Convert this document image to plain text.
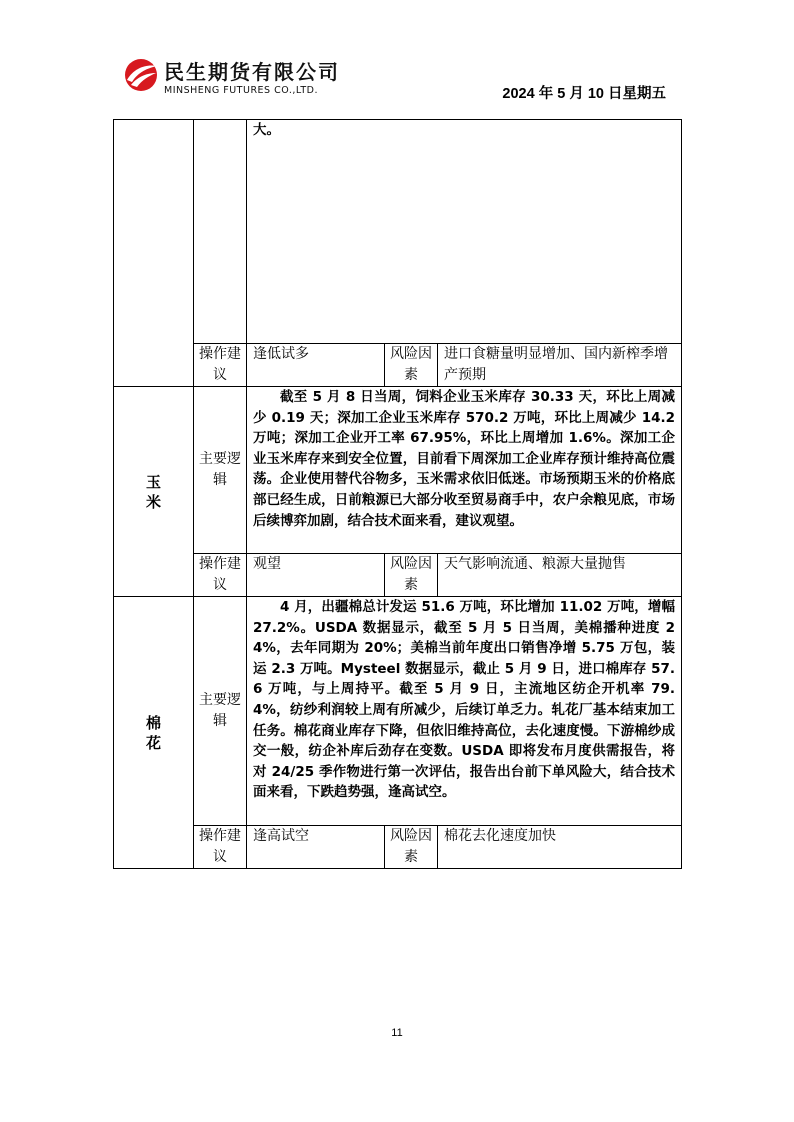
民生期货有限公司
MINSHENG FUTURES CO.,LTD.	2024 年 5 月 10 日星期五
		大。		
	操作建议	逢低试多	风险因素	进口食糖量明显增加、国内新榨季增产预期
玉米	主要逻辑	截至 5 月 8 日当周，饲料企业玉米库存 30.33 天，环比上周减少 0.19 天；深加工企业玉米库存 570.2 万吨，环比上周减少 14.2 万吨；深加工企业开工率 67.95%，环比上周增加 1.6%。深加工企业玉米库存来到安全位置，目前看下周深加工企业库存预计维持高位震荡。企业使用替代谷物多，玉米需求依旧低迷。市场预期玉米的价格底部已经生成，日前粮源已大部分收至贸易商手中，农户余粮见底，市场后续博弈加剧，结合技术面来看，建议观望。		

	操作建议	观望	风险因素	天气影响流通、粮源大量抛售
棉花	主要逻辑	4 月，出疆棉总计发运 51.6 万吨，环比增加 11.02 万吨，增幅 27.2%。USDA 数据显示，截至 5 月 5 日当周，美棉播种进度 24%，去年同期为 20%；美棉当前年度出口销售净增 5.75 万包，装运 2.3 万吨。Mysteel 数据显示，截止 5 月 9 日，进口棉库存 57.6 万吨，与上周持平。截至 5 月 9 日，主流地区纺企开机率 79.4%，纺纱利润较上周有所减少，后续订单乏力。轧花厂基本结束加工任务。棉花商业库存下降，但依旧维持高位，去化速度慢。下游棉纱成交一般，纺企补库后劲存在变数。USDA 即将发布月度供需报告，将对 24/25 季作物进行第一次评估，报告出台前下单风险大，结合技术面来看，下跌趋势强，逢高试空。		

	操作建议	逢高试空	风险因素	棉花去化速度加快
11
